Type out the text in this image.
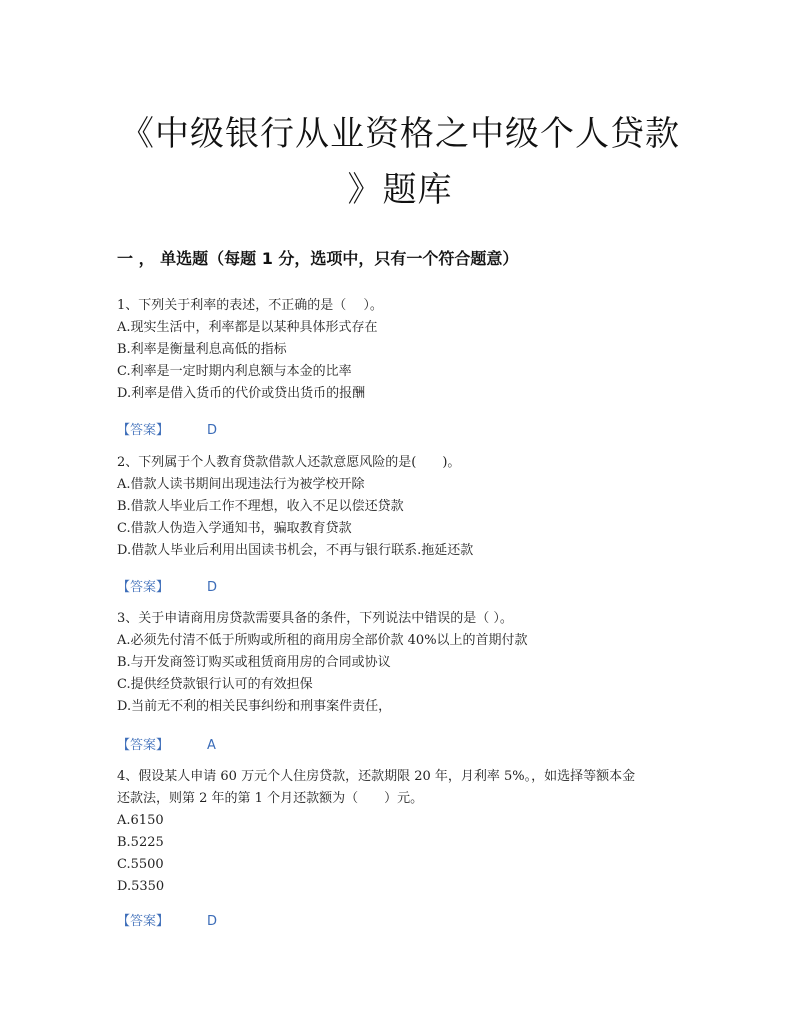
《中级银行从业资格之中级个人贷款
》题库
一 ， 单选题（每题 1 分，选项中，只有一个符合题意）
1、下列关于利率的表述，不正确的是（　 ）。
A.现实生活中，利率都是以某种具体形式存在
B.利率是衡量利息高低的指标
C.利率是一定时期内利息额与本金的比率
D.利率是借入货币的代价或贷出货币的报酬
【答案】	D
2、下列属于个人教育贷款借款人还款意愿风险的是(　　)。
A.借款人读书期间出现违法行为被学校开除
B.借款人毕业后工作不理想，收入不足以偿还贷款
C.借款人伪造入学通知书，骗取教育贷款
D.借款人毕业后利用出国读书机会，不再与银行联系.拖延还款
【答案】	D
3、关于申请商用房贷款需要具备的条件，下列说法中错误的是（ ）。
A.必须先付清不低于所购或所租的商用房全部价款 40%以上的首期付款
B.与开发商签订购买或租赁商用房的合同或协议
C.提供经贷款银行认可的有效担保
D.当前无不利的相关民事纠纷和刑事案件责任，
【答案】	A
4、假设某人申请 60 万元个人住房贷款，还款期限 20 年，月利率 5%。，如选择等额本金
还款法，则第 2 年的第 1 个月还款额为（　　）元。
A.6150
B.5225
C.5500
D.5350
【答案】	D
